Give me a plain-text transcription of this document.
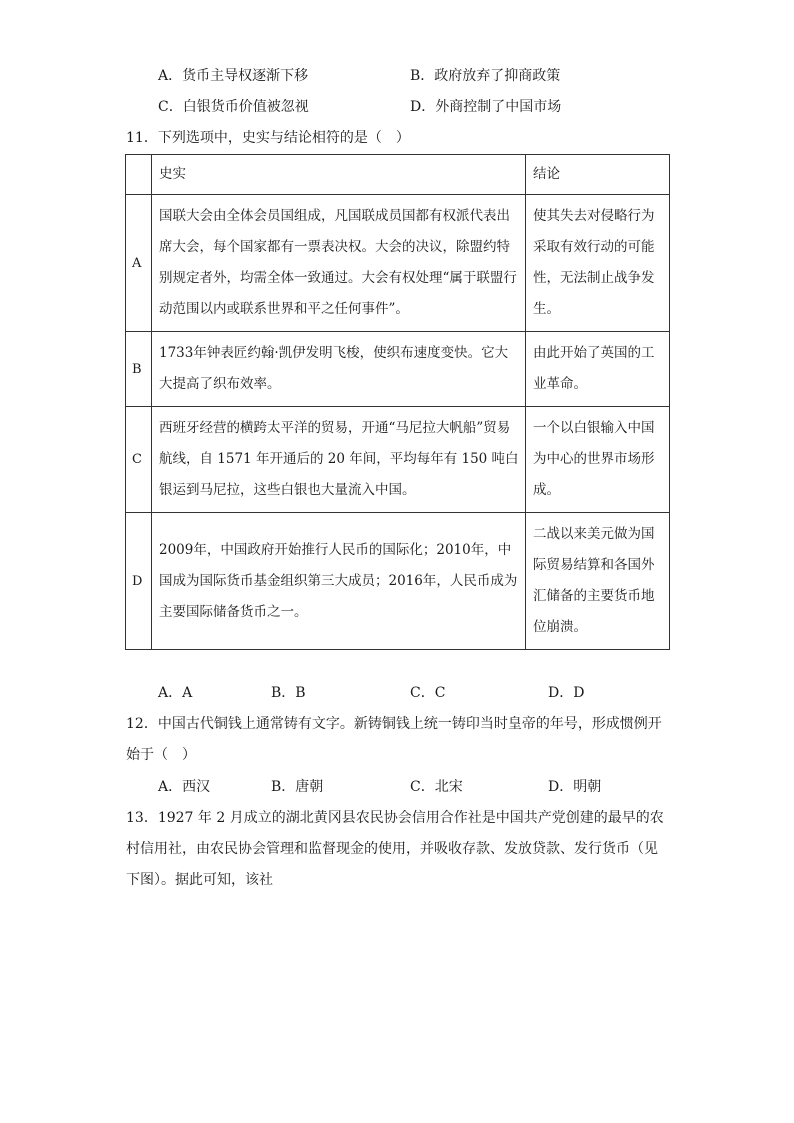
A．货币主导权逐渐下移	B．政府放弃了抑商政策
C．白银货币价值被忽视	D．外商控制了中国市场
11．下列选项中，史实与结论相符的是（　）
	史实	结论
A	国联大会由全体会员国组成，凡国联成员国都有权派代表出席大会，每个国家都有一票表决权。大会的决议，除盟约特别规定者外，均需全体一致通过。大会有权处理“属于联盟行动范围以内或联系世界和平之任何事件”。	使其失去对侵略行为采取有效行动的可能性，无法制止战争发生。
B	1733年钟表匠约翰·凯伊发明飞梭，使织布速度变快。它大大提高了织布效率。	由此开始了英国的工业革命。
C	西班牙经营的横跨太平洋的贸易，开通“马尼拉大帆船”贸易航线，自 1571 年开通后的 20 年间，平均每年有 150 吨白银运到马尼拉，这些白银也大量流入中国。	一个以白银输入中国为中心的世界市场形成。
D	2009年，中国政府开始推行人民币的国际化；2010年，中国成为国际货币基金组织第三大成员；2016年，人民币成为主要国际储备货币之一。	二战以来美元做为国际贸易结算和各国外汇储备的主要货币地位崩溃。
A．A	B．B	C．C	D．D
12．中国古代铜钱上通常铸有文字。新铸铜钱上统一铸印当时皇帝的年号，形成惯例开
始于（　）
A．西汉	B．唐朝	C．北宋	D．明朝
13．1927 年 2 月成立的湖北黄冈县农民协会信用合作社是中国共产党创建的最早的农
村信用社，由农民协会管理和监督现金的使用，并吸收存款、发放贷款、发行货币（见
下图）。据此可知，该社
